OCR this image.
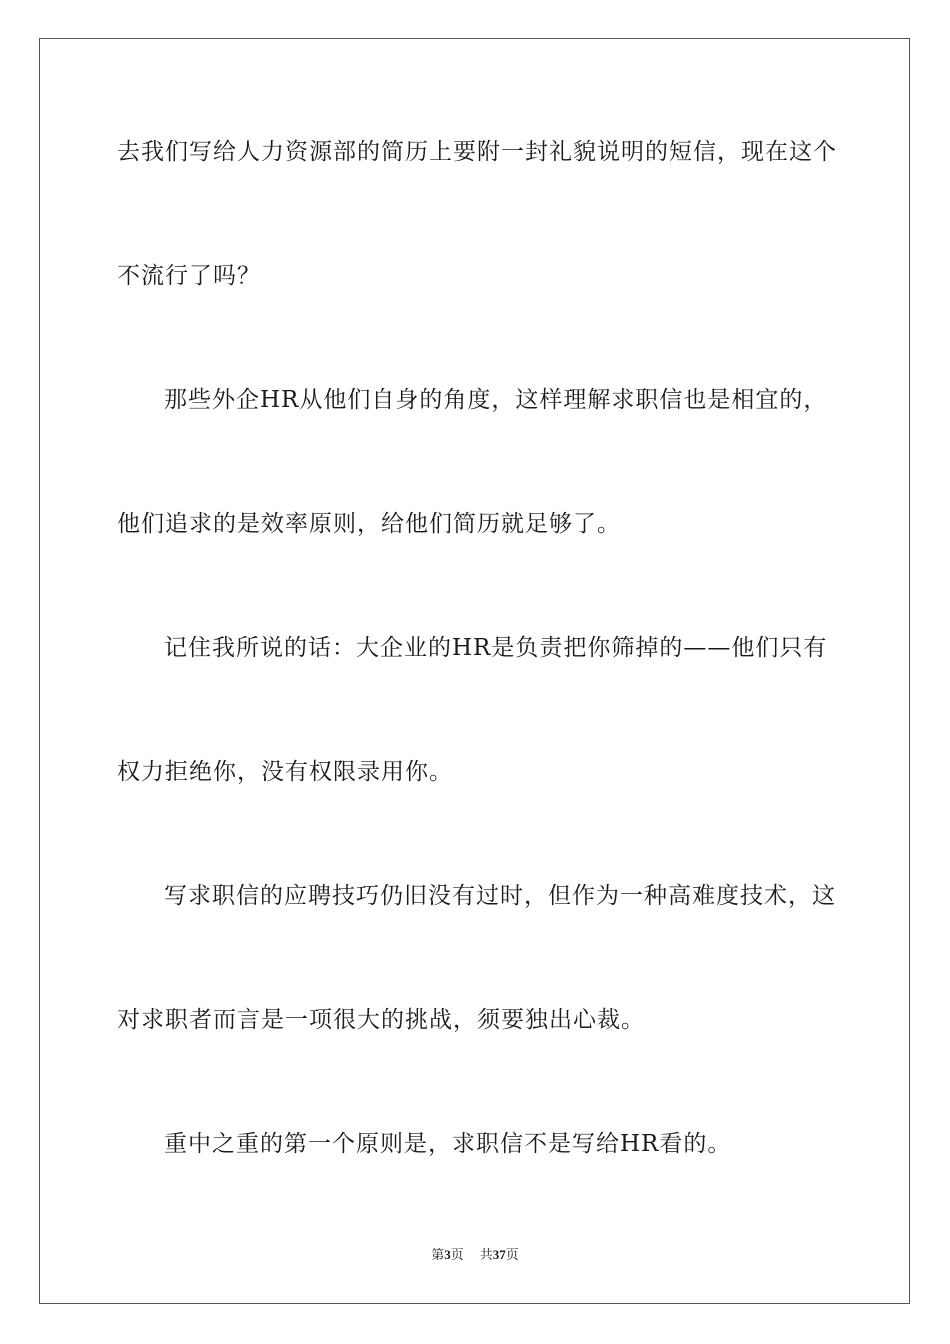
去我们写给人力资源部的简历上要附一封礼貌说明的短信，现在这个
不流行了吗？
那些外企HR从他们自身的角度，这样理解求职信也是相宜的，
他们追求的是效率原则，给他们简历就足够了。
记住我所说的话：大企业的HR是负责把你筛掉的——他们只有
权力拒绝你，没有权限录用你。
写求职信的应聘技巧仍旧没有过时，但作为一种高难度技术，这
对求职者而言是一项很大的挑战，须要独出心裁。
重中之重的第一个原则是，求职信不是写给HR看的。
第3页 共37页
